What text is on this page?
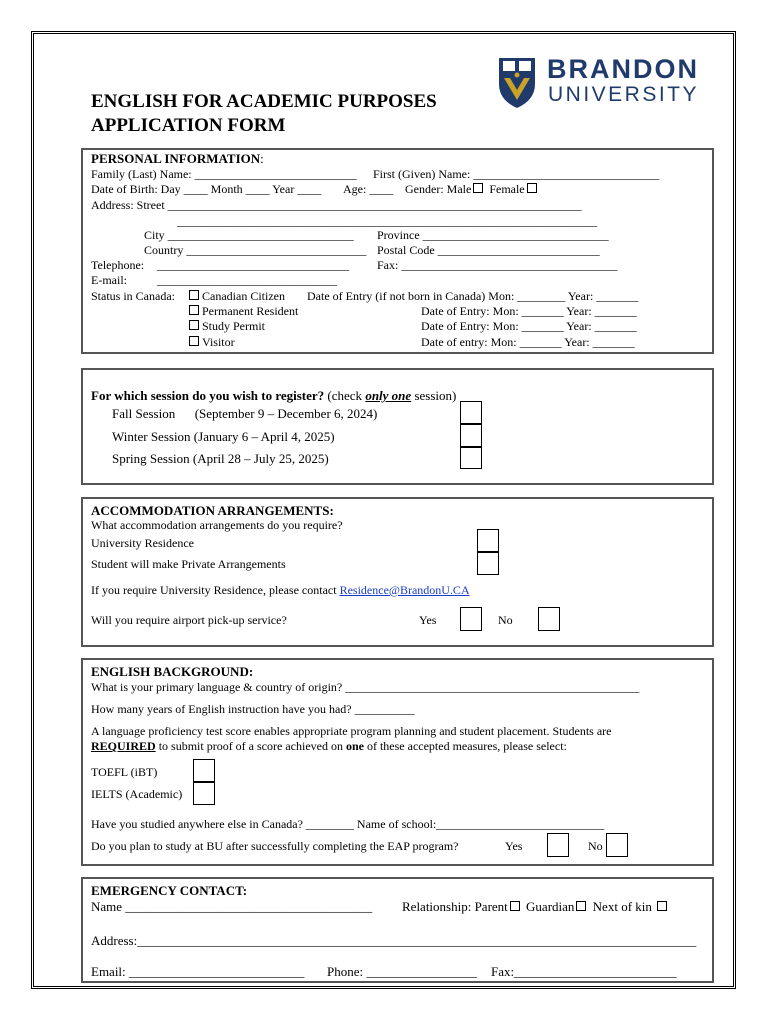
BRANDON
UNIVERSITY
ENGLISH FOR ACADEMIC PURPOSES
APPLICATION FORM
PERSONAL INFORMATION:
Family (Last) Name: ___________________________ First (Given) Name: _______________________________
Date of Birth: Day ____ Month ____ Year ____ Age: ____ Gender: Male Female
Address: Street _____________________________________________________________________
______________________________________________________________________
City _______________________________ Province _______________________________
Country ______________________________ Postal Code ___________________________
Telephone: ________________________________ Fax: ____________________________________
E-mail:	______________________________
Status in Canada:	Canadian Citizen Date of Entry (if not born in Canada) Mon: ________ Year: _______
Permanent Resident	Date of Entry: Mon: _______ Year: _______
Study Permit	Date of Entry: Mon: _______ Year: _______
Visitor	Date of entry: Mon: _______ Year: _______
For which session do you wish to register? (check only one session)
Fall Session      (September 9 – December 6, 2024)
Winter Session (January 6 – April 4, 2025)
Spring Session (April 28 – July 25, 2025)
ACCOMMODATION ARRANGEMENTS:
What accommodation arrangements do you require?
University Residence
Student will make Private Arrangements
If you require University Residence, please contact Residence@BrandonU.CA
Will you require airport pick-up service?	Yes	No
ENGLISH BACKGROUND:
What is your primary language & country of origin? _________________________________________________
How many years of English instruction have you had? __________
A language proficiency test score enables appropriate program planning and student placement. Students are
REQUIRED to submit proof of a score achieved on one of these accepted measures, please select:
TOEFL (iBT)
IELTS (Academic)
Have you studied anywhere else in Canada? ________ Name of school:____________________________
Do you plan to study at BU after successfully completing the EAP program?	Yes	No
EMERGENCY CONTACT:
Name ______________________________________ Relationship: Parent Guardian Next of kin
Address:______________________________________________________________________________________
Email: ___________________________ Phone: _________________ Fax:_________________________
